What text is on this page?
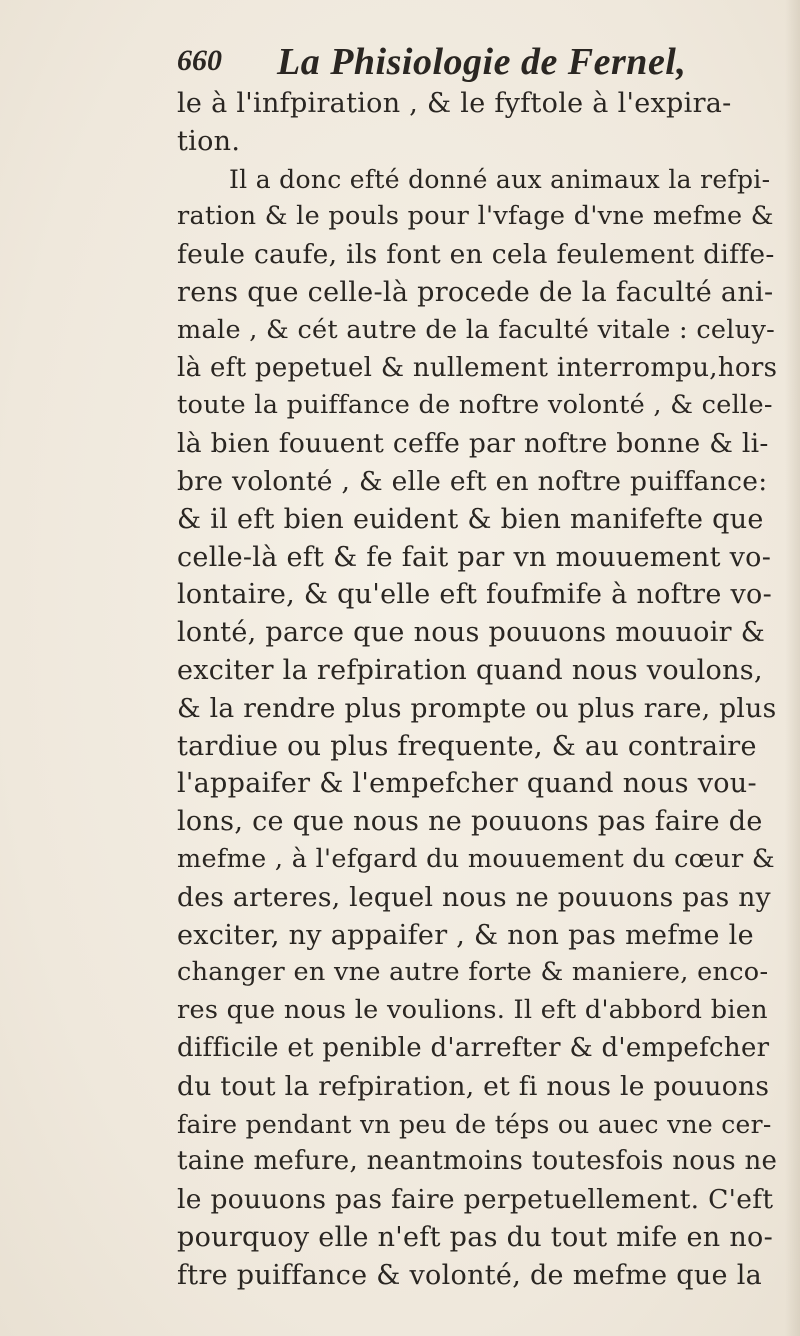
660 La Phisiologie de Fernel,
le à l'infpiration , & le fyftole à l'expira-
tion.
Il a donc efté donné aux animaux la refpi-
ration & le pouls pour l'vfage d'vne mefme &
feule caufe, ils font en cela feulement diffe-
rens que celle-là procede de la faculté ani-
male , & cét autre de la faculté vitale : celuy-
là eft pepetuel & nullement interrompu,hors
toute la puiffance de noftre volonté , & celle-
là bien fouuent ceffe par noftre bonne & li-
bre volonté , & elle eft en noftre puiffance:
& il eft bien euident & bien manifefte que
celle-là eft & fe fait par vn mouuement vo-
lontaire, & qu'elle eft foufmife à noftre vo-
lonté, parce que nous pouuons mouuoir &
exciter la refpiration quand nous voulons,
& la rendre plus prompte ou plus rare, plus
tardiue ou plus frequente, & au contraire
l'appaifer & l'empefcher quand nous vou-
lons, ce que nous ne pouuons pas faire de
mefme , à l'efgard du mouuement du cœur &
des arteres, lequel nous ne pouuons pas ny
exciter, ny appaifer , & non pas mefme le
changer en vne autre forte & maniere, enco-
res que nous le voulions. Il eft d'abbord bien
difficile et penible d'arrefter & d'empefcher
du tout la refpiration, et fi nous le pouuons
faire pendant vn peu de téps ou auec vne cer-
taine mefure, neantmoins toutesfois nous ne
le pouuons pas faire perpetuellement. C'eft
pourquoy elle n'eft pas du tout mife en no-
ftre puiffance & volonté, de mefme que la
